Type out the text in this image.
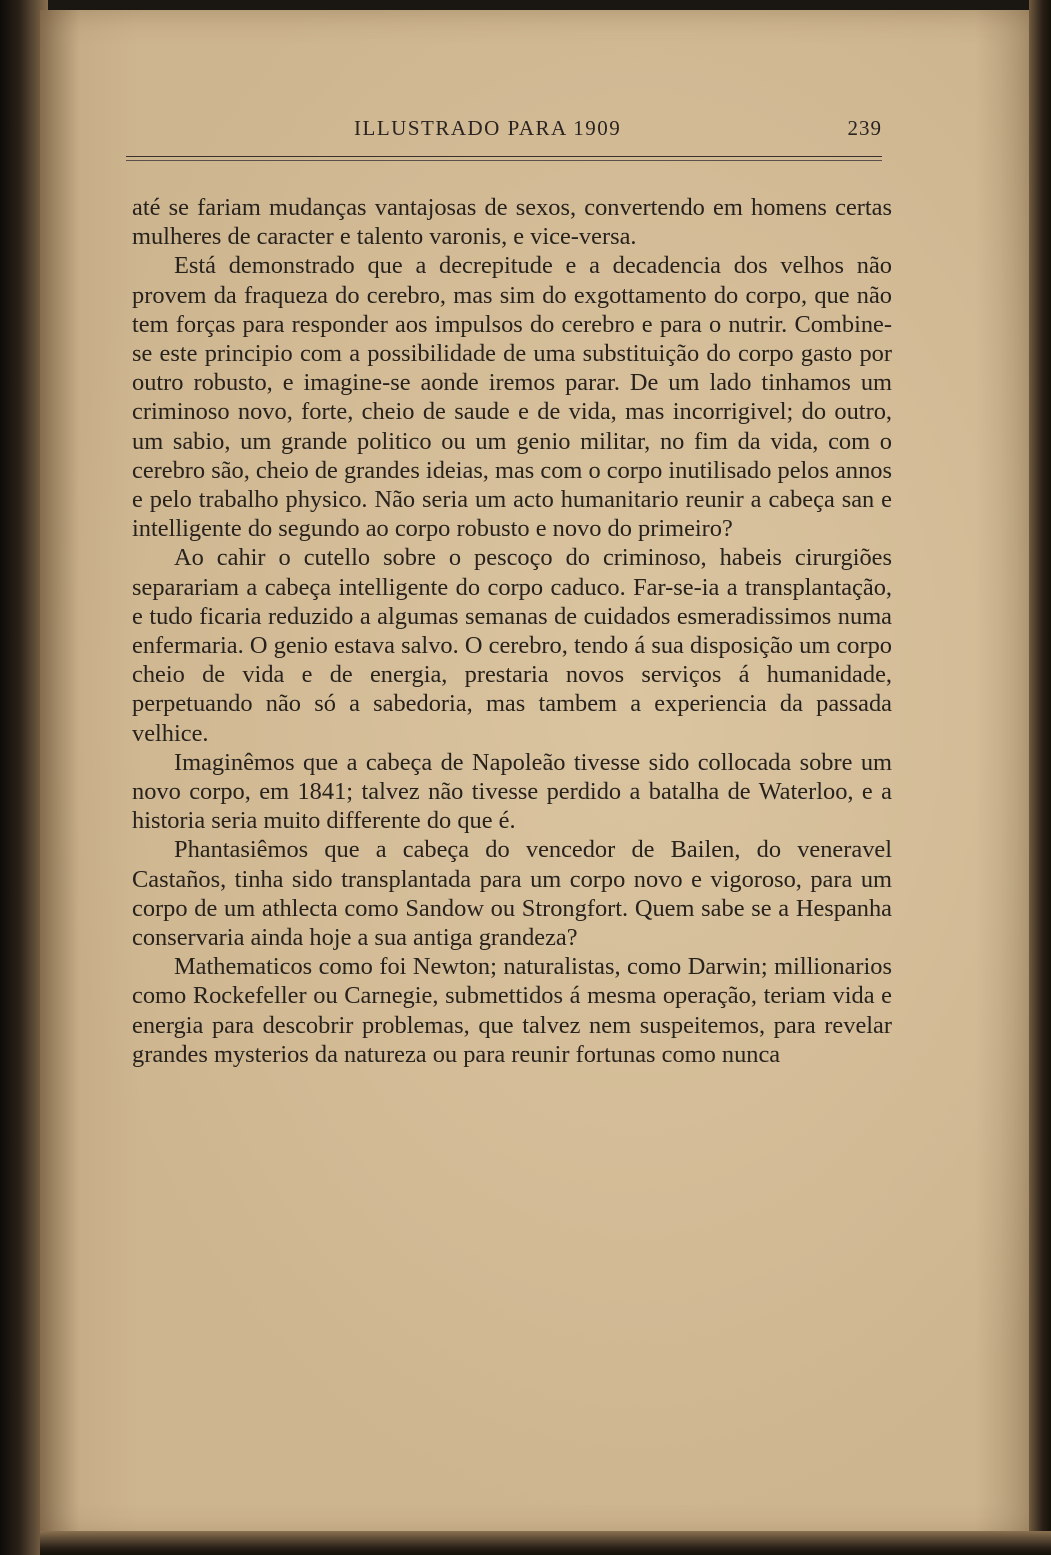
ILLUSTRADO PARA 1909	239

até se fariam mudanças vantajosas de sexos, convertendo em homens certas mulheres de caracter e talento varonis, e vice-versa.

Está demonstrado que a decrepitude e a decadencia dos velhos não provem da fraqueza do cerebro, mas sim do exgottamento do corpo, que não tem forças para responder aos impulsos do cerebro e para o nutrir. Combine-se este principio com a possibilidade de uma substituição do corpo gasto por outro robusto, e imagine-se aonde iremos parar. De um lado tinhamos um criminoso novo, forte, cheio de saude e de vida, mas incorrigivel; do outro, um sabio, um grande politico ou um genio militar, no fim da vida, com o cerebro são, cheio de grandes ideias, mas com o corpo inutilisado pelos annos e pelo trabalho physico. Não seria um acto humanitario reunir a cabeça san e intelligente do segundo ao corpo robusto e novo do primeiro?

Ao cahir o cutello sobre o pescoço do criminoso, habeis cirurgiões separariam a cabeça intelligente do corpo caduco. Far-se-ia a transplantação, e tudo ficaria reduzido a algumas semanas de cuidados esmeradissimos numa enfermaria. O genio estava salvo. O cerebro, tendo á sua disposição um corpo cheio de vida e de energia, prestaria novos serviços á humanidade, perpetuando não só a sabedoria, mas tambem a experiencia da passada velhice.

Imaginêmos que a cabeça de Napoleão tivesse sido collocada sobre um novo corpo, em 1841; talvez não tivesse perdido a batalha de Waterloo, e a historia seria muito differente do que é.

Phantasiêmos que a cabeça do vencedor de Bailen, do veneravel Castaños, tinha sido transplantada para um corpo novo e vigoroso, para um corpo de um athlecta como Sandow ou Strongfort. Quem sabe se a Hespanha conservaria ainda hoje a sua antiga grandeza?

Mathematicos como foi Newton; naturalistas, como Darwin; millionarios como Rockefeller ou Carnegie, submettidos á mesma operação, teriam vida e energia para descobrir problemas, que talvez nem suspeitemos, para revelar grandes mysterios da natureza ou para reunir fortunas como nunca
